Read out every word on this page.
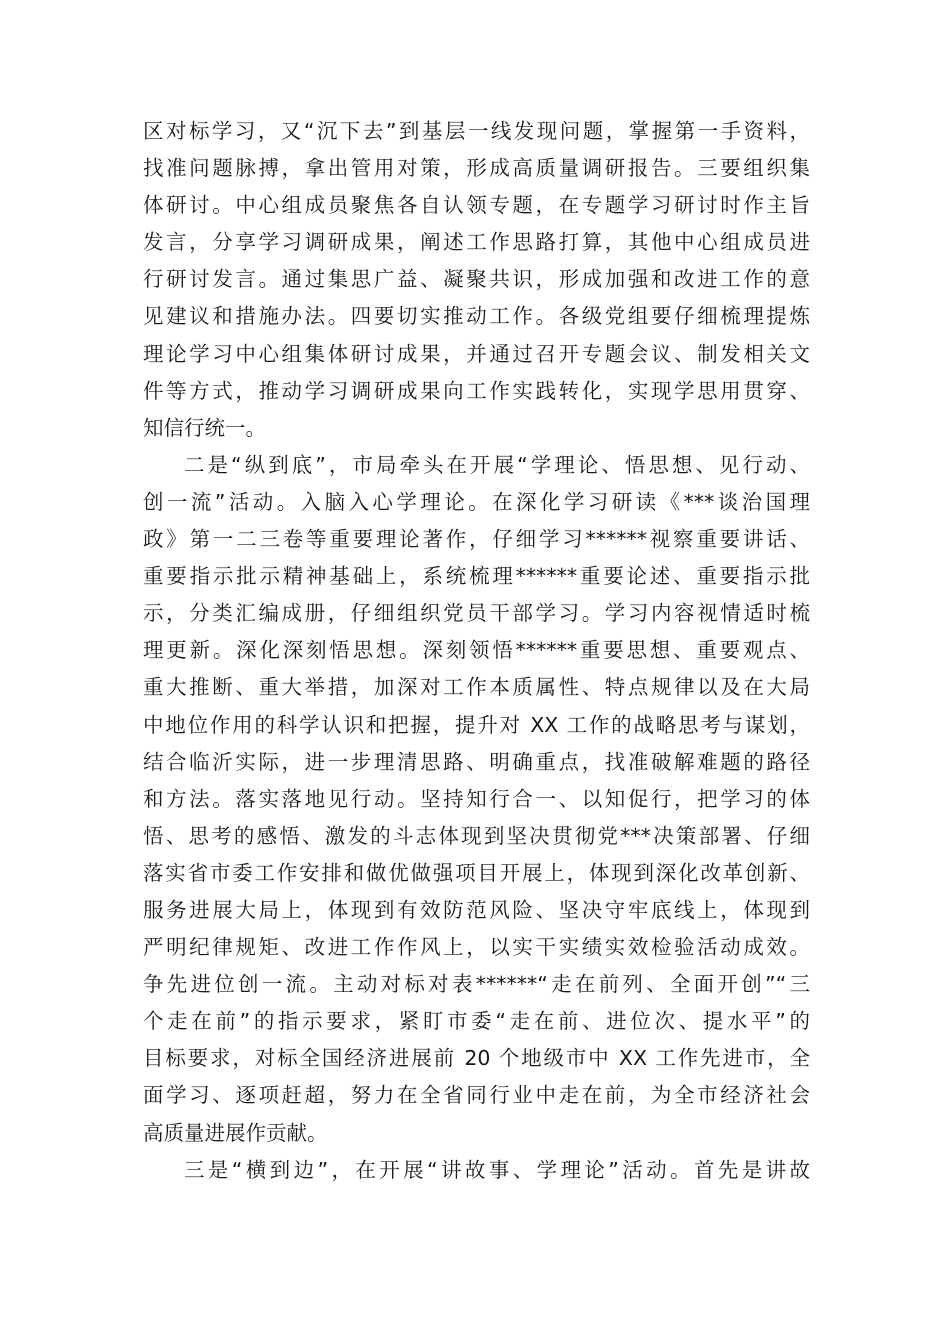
区对标学习，又“沉下去”到基层一线发现问题，掌握第一手资料，
找准问题脉搏，拿出管用对策，形成高质量调研报告。三要组织集
体研讨。中心组成员聚焦各自认领专题，在专题学习研讨时作主旨
发言，分享学习调研成果，阐述工作思路打算，其他中心组成员进
行研讨发言。通过集思广益、凝聚共识，形成加强和改进工作的意
见建议和措施办法。四要切实推动工作。各级党组要仔细梳理提炼
理论学习中心组集体研讨成果，并通过召开专题会议、制发相关文
件等方式，推动学习调研成果向工作实践转化，实现学思用贯穿、
知信行统一。
二是“纵到底”，市局牵头在开展“学理论、悟思想、见行动、
创一流”活动。入脑入心学理论。在深化学习研读《***谈治国理
政》第一二三卷等重要理论著作，仔细学习******视察重要讲话、
重要指示批示精神基础上，系统梳理******重要论述、重要指示批
示，分类汇编成册，仔细组织党员干部学习。学习内容视情适时梳
理更新。深化深刻悟思想。深刻领悟******重要思想、重要观点、
重大推断、重大举措，加深对工作本质属性、特点规律以及在大局
中地位作用的科学认识和把握，提升对 XX 工作的战略思考与谋划，
结合临沂实际，进一步理清思路、明确重点，找准破解难题的路径
和方法。落实落地见行动。坚持知行合一、以知促行，把学习的体
悟、思考的感悟、激发的斗志体现到坚决贯彻党***决策部署、仔细
落实省市委工作安排和做优做强项目开展上，体现到深化改革创新、
服务进展大局上，体现到有效防范风险、坚决守牢底线上，体现到
严明纪律规矩、改进工作作风上，以实干实绩实效检验活动成效。
争先进位创一流。主动对标对表******“走在前列、全面开创”“三
个走在前”的指示要求，紧盯市委“走在前、进位次、提水平”的
目标要求，对标全国经济进展前 20 个地级市中 XX 工作先进市，全
面学习、逐项赶超，努力在全省同行业中走在前，为全市经济社会
高质量进展作贡献。
三是“横到边”，在开展“讲故事、学理论”活动。首先是讲故
